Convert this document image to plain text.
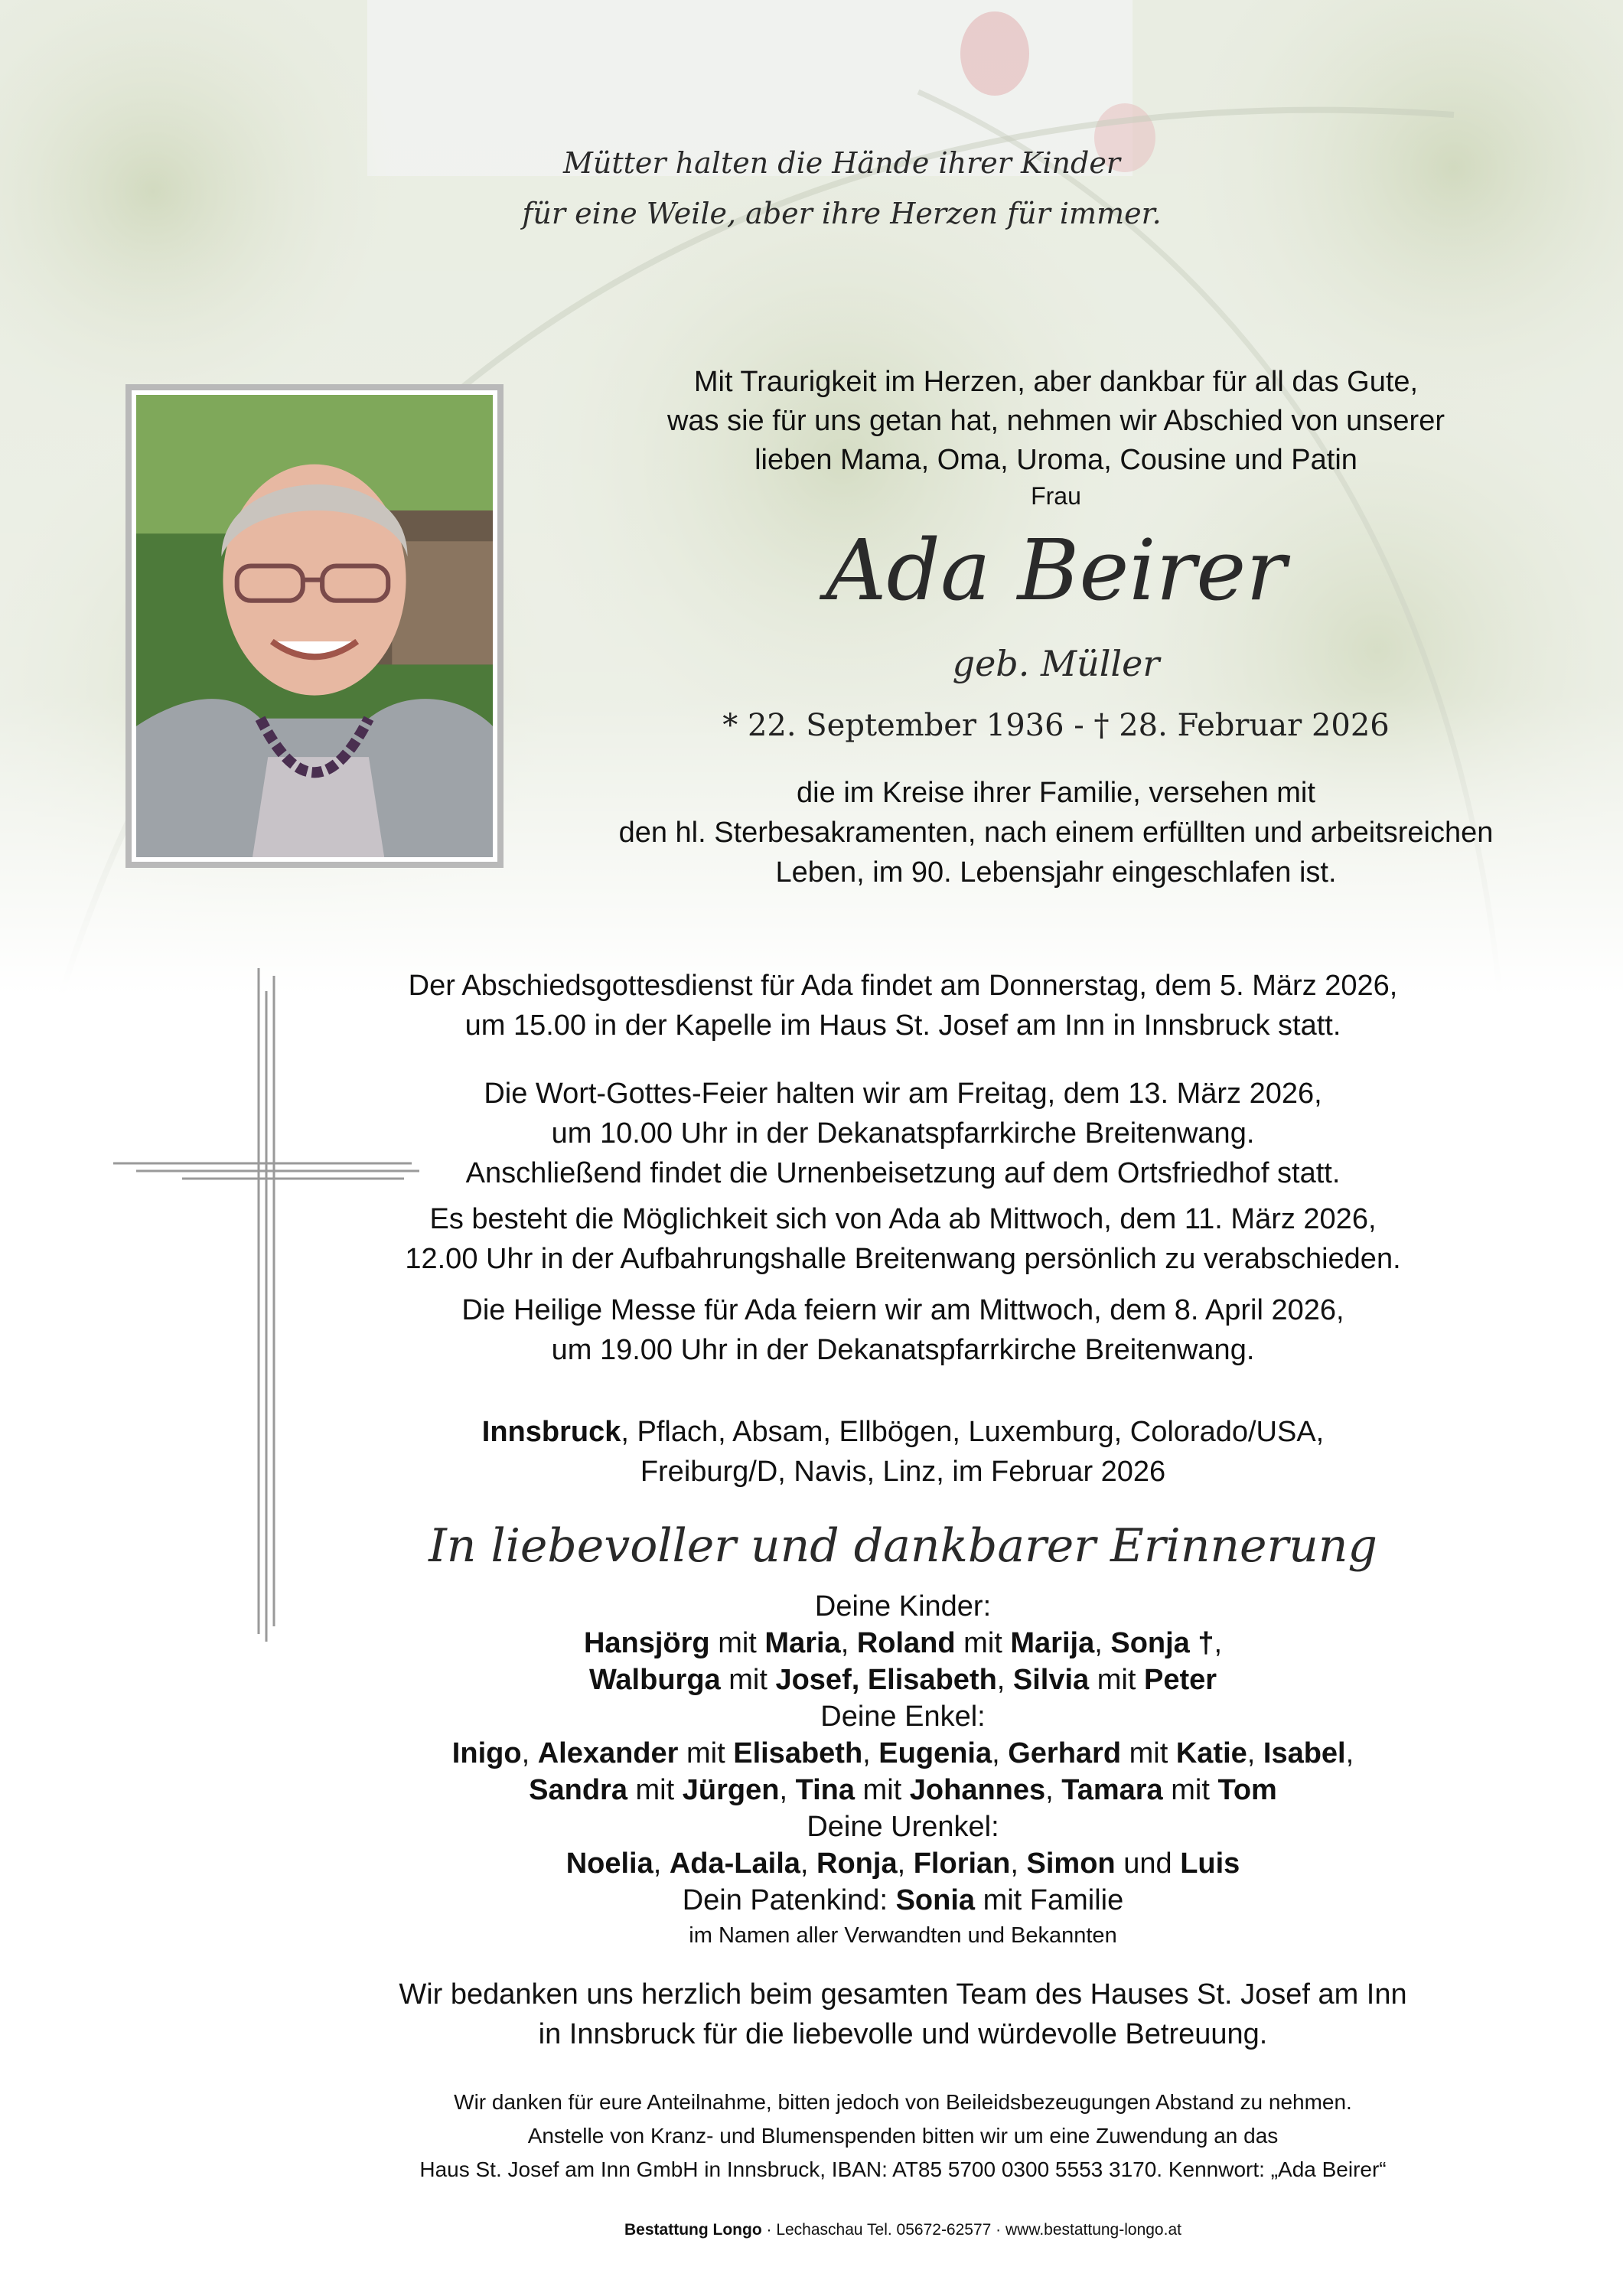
Mütter halten die Hände ihrer Kinder
für eine Weile, aber ihre Herzen für immer.
Mit Traurigkeit im Herzen, aber dankbar für all das Gute,
was sie für uns getan hat, nehmen wir Abschied von unserer
lieben Mama, Oma, Uroma, Cousine und Patin
Frau
Ada Beirer
geb. Müller
* 22. September 1936 - † 28. Februar 2026
die im Kreise ihrer Familie, versehen mit
den hl. Sterbesakramenten, nach einem erfüllten und arbeitsreichen
Leben, im 90. Lebensjahr eingeschlafen ist.
Der Abschiedsgottesdienst für Ada findet am Donnerstag, dem 5. März 2026,
um 15.00 in der Kapelle im Haus St. Josef am Inn in Innsbruck statt.
Die Wort-Gottes-Feier halten wir am Freitag, dem 13. März 2026,
um 10.00 Uhr in der Dekanatspfarrkirche Breitenwang.
Anschließend findet die Urnenbeisetzung auf dem Ortsfriedhof statt.
Es besteht die Möglichkeit sich von Ada ab Mittwoch, dem 11. März 2026,
12.00 Uhr in der Aufbahrungshalle Breitenwang persönlich zu verabschieden.
Die Heilige Messe für Ada feiern wir am Mittwoch, dem 8. April 2026,
um 19.00 Uhr in der Dekanatspfarrkirche Breitenwang.
Innsbruck, Pflach, Absam, Ellbögen, Luxemburg, Colorado/USA,
Freiburg/D, Navis, Linz, im Februar 2026
In liebevoller und dankbarer Erinnerung
Deine Kinder:
Hansjörg mit Maria, Roland mit Marija, Sonja †,
Walburga mit Josef, Elisabeth, Silvia mit Peter
Deine Enkel:
Inigo, Alexander mit Elisabeth, Eugenia, Gerhard mit Katie, Isabel,
Sandra mit Jürgen, Tina mit Johannes, Tamara mit Tom
Deine Urenkel:
Noelia, Ada-Laila, Ronja, Florian, Simon und Luis
Dein Patenkind: Sonia mit Familie
im Namen aller Verwandten und Bekannten
Wir bedanken uns herzlich beim gesamten Team des Hauses St. Josef am Inn
in Innsbruck für die liebevolle und würdevolle Betreuung.
Wir danken für eure Anteilnahme, bitten jedoch von Beileidsbezeugungen Abstand zu nehmen.
Anstelle von Kranz- und Blumenspenden bitten wir um eine Zuwendung an das
Haus St. Josef am Inn GmbH in Innsbruck, IBAN: AT85 5700 0300 5553 3170. Kennwort: „Ada Beirer“
Bestattung Longo · Lechaschau Tel. 05672-62577 · www.bestattung-longo.at
